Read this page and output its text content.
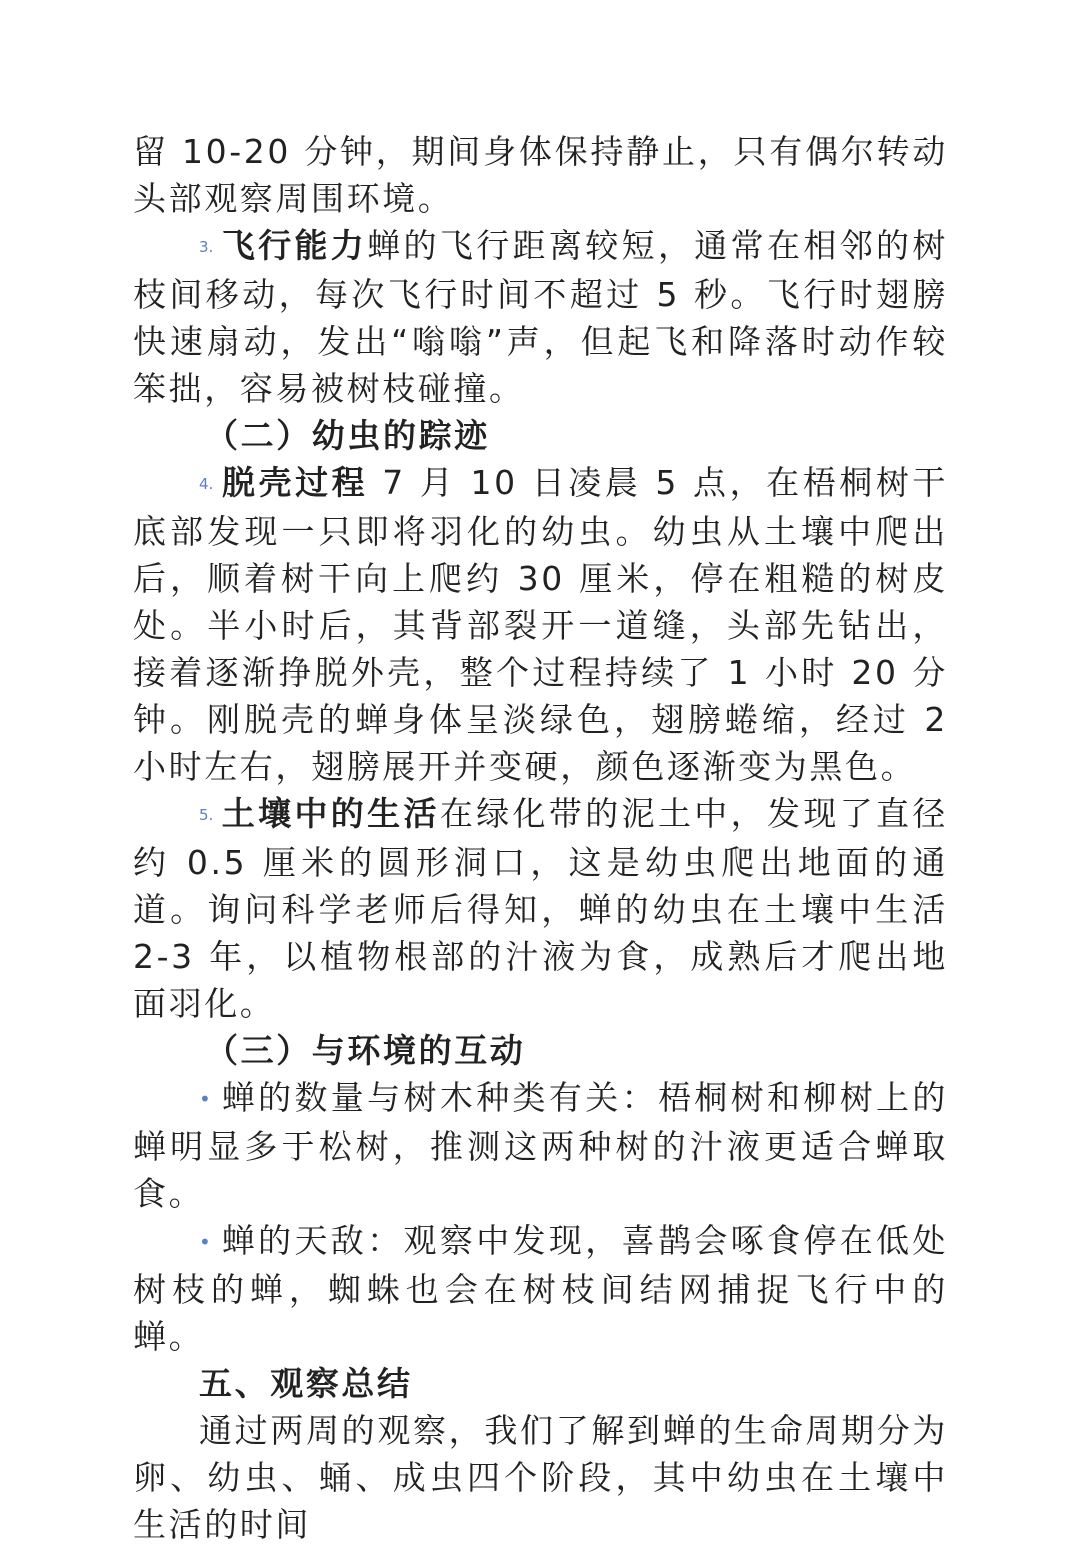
留 10-20 分钟，期间身体保持静止，只有偶尔转动头部观察周围环境。

3. 飞行能力蝉的飞行距离较短，通常在相邻的树枝间移动，每次飞行时间不超过 5 秒。飞行时翅膀快速扇动，发出“嗡嗡”声，但起飞和降落时动作较笨拙，容易被树枝碰撞。

（二）幼虫的踪迹

4. 脱壳过程 7 月 10 日凌晨 5 点，在梧桐树干底部发现一只即将羽化的幼虫。幼虫从土壤中爬出后，顺着树干向上爬约 30 厘米，停在粗糙的树皮处。半小时后，其背部裂开一道缝，头部先钻出，接着逐渐挣脱外壳，整个过程持续了 1 小时 20 分钟。刚脱壳的蝉身体呈淡绿色，翅膀蜷缩，经过 2 小时左右，翅膀展开并变硬，颜色逐渐变为黑色。

5. 土壤中的生活在绿化带的泥土中，发现了直径约 0.5 厘米的圆形洞口，这是幼虫爬出地面的通道。询问科学老师后得知，蝉的幼虫在土壤中生活 2-3 年，以植物根部的汁液为食，成熟后才爬出地面羽化。

（三）与环境的互动

• 蝉的数量与树木种类有关：梧桐树和柳树上的蝉明显多于松树，推测这两种树的汁液更适合蝉取食。

• 蝉的天敌：观察中发现，喜鹊会啄食停在低处树枝的蝉，蜘蛛也会在树枝间结网捕捉飞行中的蝉。

五、观察总结

通过两周的观察，我们了解到蝉的生命周期分为卵、幼虫、蛹、成虫四个阶段，其中幼虫在土壤中生活的时间
